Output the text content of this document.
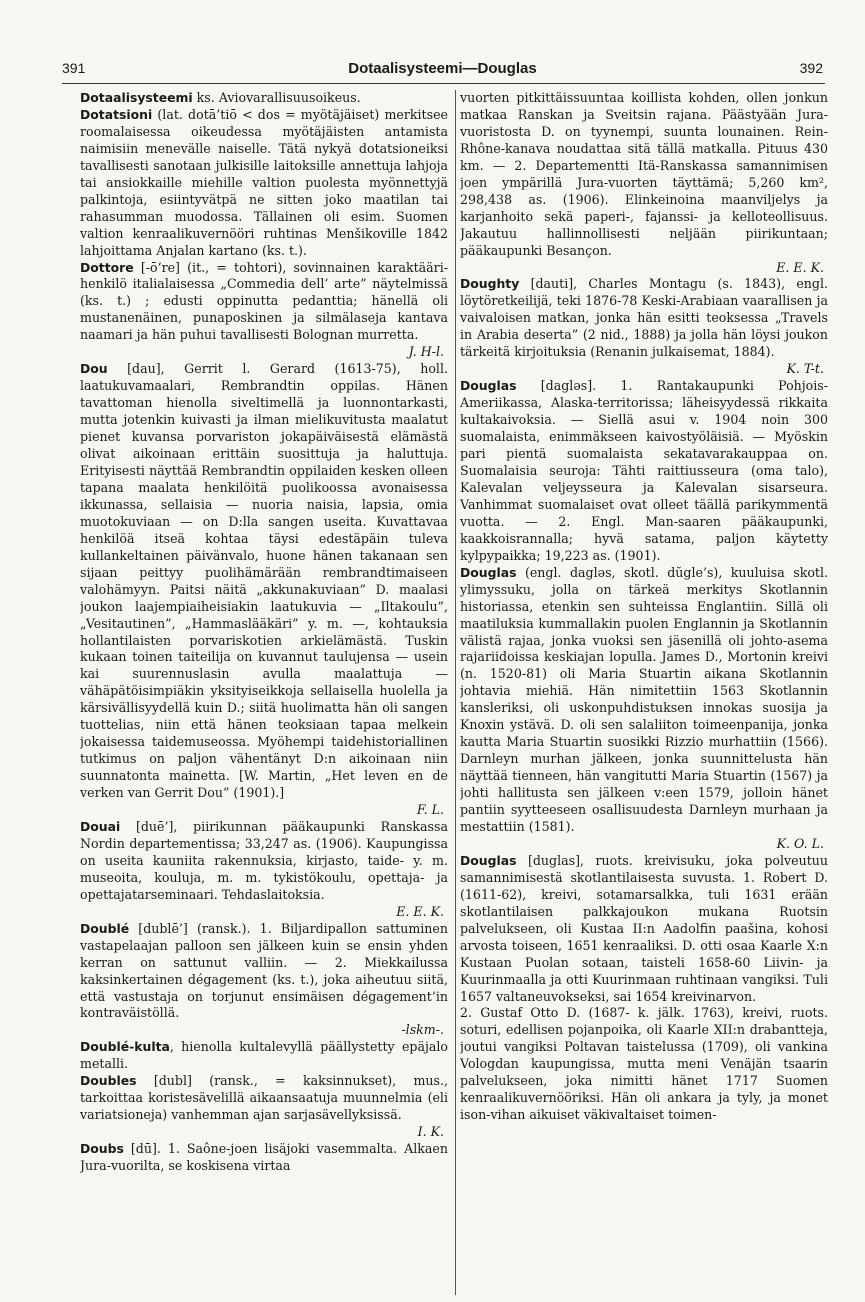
391	Dotaalisysteemi—Douglas	392

Dotaalisysteemi ks. Aviovarallisuusoikeus.

Dotatsioni (lat. dotā’tiō < dos = myötäjäiset) merkitsee roomalaisessa oikeudessa myötäjäisten antamista naimisiin menevälle naiselle. Tätä nykyä dotatsioneiksi tavallisesti sanotaan julkisille laitoksille annettuja lahjoja tai ansiokkaille miehille valtion puolesta myönnettyjä palkintoja, esiintyvätpä ne sitten joko maatilan tai rahasumman muodossa. Tällainen oli esim. Suomen valtion kenraalikuvernööri ruhtinas Menšikoville 1842 lahjoittama Anjalan kartano (ks. t.).

Dottore [-ō’re] (it., = tohtori), sovinnainen karaktääri-henkilö italialaisessa „Commedia dell’ arte” näytelmissä (ks. t.) ; edusti oppinutta pedanttia; hänellä oli mustanenäinen, punaposkinen ja silmälaseja kantava naamari ja hän puhui tavallisesti Bolognan murretta.
J. H-l.

Dou [dau], Gerrit l. Gerard (1613-75), holl. laatukuvamaalari, Rembrandtin oppilas. Hänen tavattoman hienolla siveltimellä ja luonnontarkasti, mutta jotenkin kuivasti ja ilman mielikuvitusta maalatut pienet kuvansa porvariston jokapäiväisestä elämästä olivat aikoinaan erittäin suosittuja ja haluttuja. Erityisesti näyttää Rembrandtin oppilaiden kesken olleen tapana maalata henkilöitä puolikoossa avonaisessa ikkunassa, sellaisia — nuoria naisia, lapsia, omia muotokuviaan — on D:lla sangen useita. Kuvattavaa henkilöä itseä kohtaa täysi edestäpäin tuleva kullankeltainen päivänvalo, huone hänen takanaan sen sijaan peittyy puolihämärään rembrandtimaiseen valohämyyn. Paitsi näitä „akkunakuviaan” D. maalasi joukon laajempiaiheisiakin laatukuvia — „Iltakoulu”, „Vesitautinen”, „Hammaslääkäri” y. m. —, kohtauksia hollantilaisten porvariskotien arkielämästä. Tuskin kukaan toinen taiteilija on kuvannut taulujensa — usein kai suurennuslasin avulla maalattuja — vähäpätöisimpiäkin yksityiseikkoja sellaisella huolella ja kärsivällisyydellä kuin D.; siitä huolimatta hän oli sangen tuottelias, niin että hänen teoksiaan tapaa melkein jokaisessa taidemuseossa. Myöhempi taidehistoriallinen tutkimus on paljon vähentänyt D:n aikoinaan niin suunnatonta mainetta. [W. Martin, „Het leven en de verken van Gerrit Dou” (1901).]
F. L.

Douai [duē’], piirikunnan pääkaupunki Ranskassa Nordin departementissa; 33,247 as. (1906). Kaupungissa on useita kauniita rakennuksia, kirjasto, taide- y. m. museoita, kouluja, m. m. tykistökoulu, opettaja- ja opettajatarseminaari. Tehdaslaitoksia.
E. E. K.

Doublé [dublē’] (ransk.). 1. Biljardipallon sattuminen vastapelaajan palloon sen jälkeen kuin se ensin yhden kerran on sattunut valliin. — 2. Miekkailussa kaksinkertainen dégagement (ks. t.), joka aiheutuu siitä, että vastustaja on torjunut ensimäisen dégagement’in kontraväistöllä.
-lskm-.

Doublé-kulta, hienolla kultalevyllä päällystetty epäjalo metalli.

Doubles [dubl] (ransk., = kaksinnukset), mus., tarkoittaa koristesävelillä aikaansaatuja muunnelmia (eli variatsioneja) vanhemman ajan sarjasävellyksissä.
I. K.

Doubs [dū]. 1. Saône-joen lisäjoki vasemmalta. Alkaen Jura-vuorilta, se koskisena virtaa

vuorten pitkittäissuuntaa koillista kohden, ollen jonkun matkaa Ranskan ja Sveitsin rajana. Päästyään Jura-vuoristosta D. on tyynempi, suunta lounainen. Rein-Rhône-kanava noudattaa sitä tällä matkalla. Pituus 430 km. — 2. Departementti Itä-Ranskassa samannimisen joen ympärillä Jura-vuorten täyttämä; 5,260 km², 298,438 as. (1906). Elinkeinoina maanviljelys ja karjanhoito sekä paperi-, fajanssi- ja kelloteollisuus. Jakautuu hallinnollisesti neljään piirikuntaan; pääkaupunki Besançon.
E. E. K.

Doughty [dauti], Charles Montagu (s. 1843), engl. löytöretkeilijä, teki 1876-78 Keski-Arabiaan vaarallisen ja vaivaloisen matkan, jonka hän esitti teoksessa „Travels in Arabia deserta” (2 nid., 1888) ja jolla hän löysi joukon tärkeitä kirjoituksia (Renanin julkaisemat, 1884).
K. T-t.

Douglas [dagləs]. 1. Rantakaupunki Pohjois-Ameriikassa, Alaska-territorissa; läheisyydessä rikkaita kultakaivoksia. — Siellä asui v. 1904 noin 300 suomalaista, enimmäkseen kaivostyöläisiä. — Myöskin pari pientä suomalaista sekatavarakauppaa on. Suomalaisia seuroja: Tähti raittiusseura (oma talo), Kalevalan veljeysseura ja Kalevalan sisarseura. Vanhimmat suomalaiset ovat olleet täällä parikymmentä vuotta. — 2. Engl. Man-saaren pääkaupunki, kaakkoisrannalla; hyvä satama, paljon käytetty kylpypaikka; 19,223 as. (1901).

Douglas (engl. dagləs, skotl. dŭgle’s), kuuluisa skotl. ylimyssuku, jolla on tärkeä merkitys Skotlannin historiassa, etenkin sen suhteissa Englantiin. Sillä oli maatiluksia kummallakin puolen Englannin ja Skotlannin välistä rajaa, jonka vuoksi sen jäsenillä oli johto-asema rajariidoissa keskiajan lopulla. James D., Mortonin kreivi (n. 1520-81) oli Maria Stuartin aikana Skotlannin johtavia miehiä. Hän nimitettiin 1563 Skotlannin kansleriksi, oli uskonpuhdistuksen innokas suosija ja Knoxin ystävä. D. oli sen salaliiton toimeenpanija, jonka kautta Maria Stuartin suosikki Rizzio murhattiin (1566). Darnleyn murhan jälkeen, jonka suunnittelusta hän näyttää tienneen, hän vangitutti Maria Stuartin (1567) ja johti hallitusta sen jälkeen v:een 1579, jolloin hänet pantiin syytteeseen osallisuudesta Darnleyn murhaan ja mestattiin (1581).
K. O. L.

Douglas [duglas], ruots. kreivisuku, joka polveutuu samannimisestä skotlantilaisesta suvusta. 1. Robert D. (1611-62), kreivi, sotamarsalkka, tuli 1631 erään skotlantilaisen palkkajoukon mukana Ruotsin palvelukseen, oli Kustaa II:n Aadolfin paašina, kohosi arvosta toiseen, 1651 kenraaliksi. D. otti osaa Kaarle X:n Kustaan Puolan sotaan, taisteli 1658-60 Liivin- ja Kuurinmaalla ja otti Kuurinmaan ruhtinaan vangiksi. Tuli 1657 valtaneuvokseksi, sai 1654 kreivinarvon.

2. Gustaf Otto D. (1687- k. jälk. 1763), kreivi, ruots. soturi, edellisen pojanpoika, oli Kaarle XII:n drabantteja, joutui vangiksi Poltavan taistelussa (1709), oli vankina Vologdan kaupungissa, mutta meni Venäjän tsaarin palvelukseen, joka nimitti hänet 1717 Suomen kenraalikuvernööriksi. Hän oli ankara ja tyly, ja monet ison-vihan aikuiset väkivaltaiset toimen-
